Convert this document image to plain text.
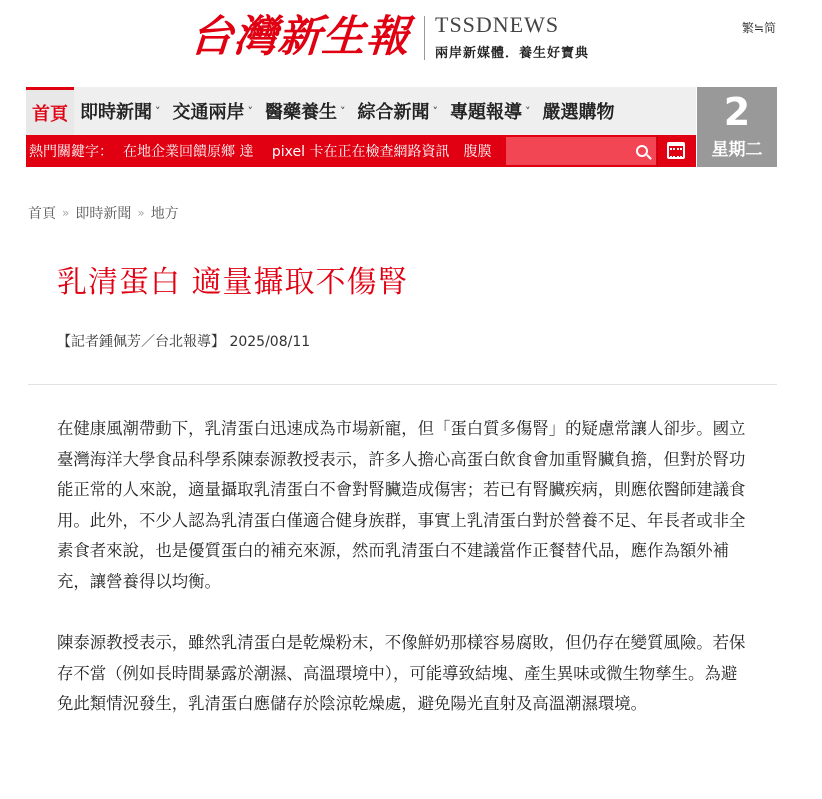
台灣新生報 TSSDNEWS
兩岸新媒體．養生好寶典
繁≒简
首頁 即時新聞 ˅ 交通兩岸 ˅ 醫藥養生 ˅ 綜合新聞 ˅ 專題報導 ˅ 嚴選購物	2
星期二
熱門關鍵字： 在地企業回饋原鄉 達　 pixel 卡在正在檢查網路資訊　腹膜
首頁 » 即時新聞 » 地方
乳清蛋白 適量攝取不傷腎
【記者鍾佩芳／台北報導】 2025/08/11

在健康風潮帶動下，乳清蛋白迅速成為市場新寵，但「蛋白質多傷腎」的疑慮常讓人卻步。國立臺灣海洋大學食品科學系陳泰源教授表示，許多人擔心高蛋白飲食會加重腎臟負擔，但對於腎功能正常的人來說，適量攝取乳清蛋白不會對腎臟造成傷害；若已有腎臟疾病，則應依醫師建議食用。此外，不少人認為乳清蛋白僅適合健身族群，事實上乳清蛋白對於營養不足、年長者或非全素食者來說，也是優質蛋白的補充來源，然而乳清蛋白不建議當作正餐替代品，應作為額外補充，讓營養得以均衡。

陳泰源教授表示，雖然乳清蛋白是乾燥粉末，不像鮮奶那樣容易腐敗，但仍存在變質風險。若保存不當（例如長時間暴露於潮濕、高溫環境中），可能導致結塊、產生異味或微生物孳生。為避免此類情況發生，乳清蛋白應儲存於陰涼乾燥處，避免陽光直射及高溫潮濕環境。
